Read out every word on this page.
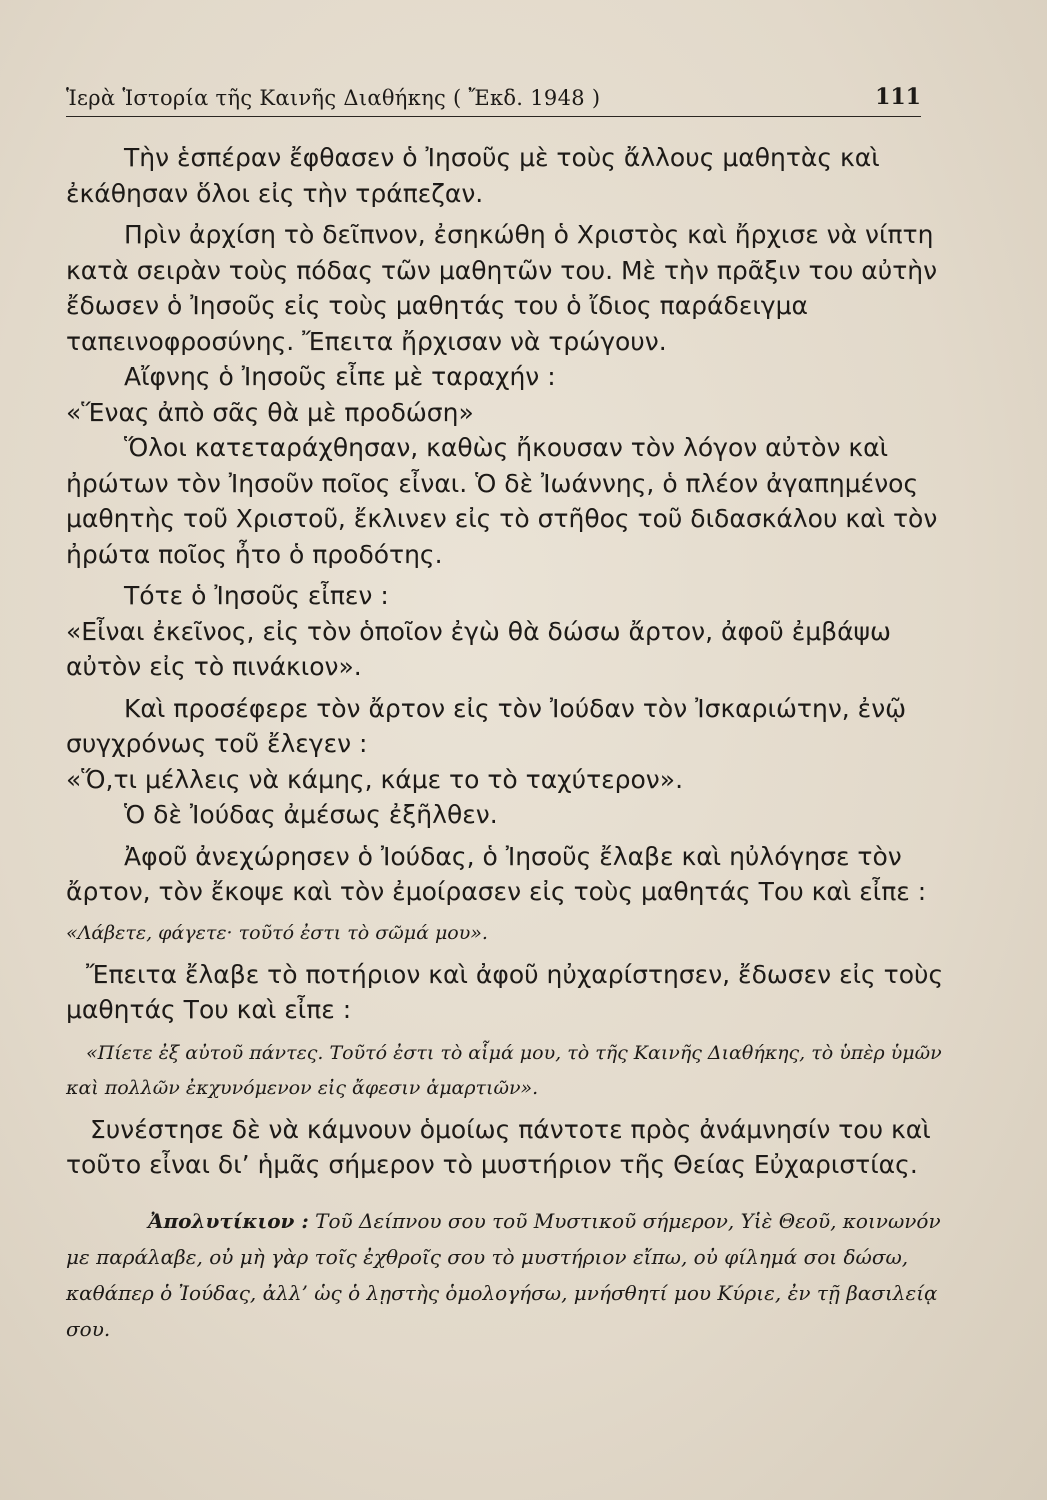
Ἱερὰ Ἱστορία τῆς Καινῆς Διαθήκης ( Ἔκδ. 1948 )	111

Τὴν ἑσπέραν ἔφθασεν ὁ Ἰησοῦς μὲ τοὺς ἄλλους μαθητὰς καὶ ἐκάθησαν ὅλοι εἰς τὴν τράπεζαν.

Πρὶν ἀρχίση τὸ δεῖπνον, ἐσηκώθη ὁ Χριστὸς καὶ ἤρχισε νὰ νίπτη κατὰ σειρὰν τοὺς πόδας τῶν μαθητῶν του. Μὲ τὴν πρᾶξιν του αὐτὴν ἔδωσεν ὁ Ἰησοῦς εἰς τοὺς μαθητάς του ὁ ἴδιος παράδειγμα ταπεινοφροσύνης. Ἔπειτα ἤρχισαν νὰ τρώγουν.

Αἴφνης ὁ Ἰησοῦς εἶπε μὲ ταραχήν :

«Ἕνας ἀπὸ σᾶς θὰ μὲ προδώση»

Ὅλοι κατεταράχθησαν, καθὼς ἤκουσαν τὸν λόγον αὐτὸν καὶ ἠρώτων τὸν Ἰησοῦν ποῖος εἶναι. Ὁ δὲ Ἰωάννης, ὁ πλέον ἀγαπημένος μαθητὴς τοῦ Χριστοῦ, ἔκλινεν εἰς τὸ στῆθος τοῦ διδασκάλου καὶ τὸν ἠρώτα ποῖος ἦτο ὁ προδότης.

Τότε ὁ Ἰησοῦς εἶπεν :

«Εἶναι ἐκεῖνος, εἰς τὸν ὁποῖον ἐγὼ θὰ δώσω ἄρτον, ἀφοῦ ἐμβάψω αὐτὸν εἰς τὸ πινάκιον».

Καὶ προσέφερε τὸν ἄρτον εἰς τὸν Ἰούδαν τὸν Ἰσκαριώτην, ἐνῷ συγχρόνως τοῦ ἔλεγεν :

«Ὅ,τι μέλλεις νὰ κάμης, κάμε το τὸ ταχύτερον».

Ὁ δὲ Ἰούδας ἀμέσως ἐξῆλθεν.

Ἀφοῦ ἀνεχώρησεν ὁ Ἰούδας, ὁ Ἰησοῦς ἔλαβε καὶ ηὐλόγησε τὸν ἄρτον, τὸν ἔκοψε καὶ τὸν ἐμοίρασεν εἰς τοὺς μαθητάς Του καὶ εἶπε :

«Λάβετε, φάγετε· τοῦτό ἐστι τὸ σῶμά μου».

Ἔπειτα ἔλαβε τὸ ποτήριον καὶ ἀφοῦ ηὐχαρίστησεν, ἔδωσεν εἰς τοὺς μαθητάς Του καὶ εἶπε :

«Πίετε ἐξ αὐτοῦ πάντες. Τοῦτό ἐστι τὸ αἷμά μου, τὸ τῆς Καινῆς Διαθήκης, τὸ ὑπὲρ ὑμῶν καὶ πολλῶν ἐκχυνόμενον εἰς ἄφεσιν ἁμαρτιῶν».

Συνέστησε δὲ νὰ κάμνουν ὁμοίως πάντοτε πρὸς ἀνάμνησίν του καὶ τοῦτο εἶναι δι’ ἡμᾶς σήμερον τὸ μυστήριον τῆς Θείας Εὐχαριστίας.

Ἀπολυτίκιον : Τοῦ Δείπνου σου τοῦ Μυστικοῦ σήμερον, Υἱὲ Θεοῦ, κοινωνόν με παράλαβε, οὐ μὴ γὰρ τοῖς ἐχθροῖς σου τὸ μυστήριον εἴπω, οὐ φίλημά σοι δώσω, καθάπερ ὁ Ἰούδας, ἀλλ’ ὡς ὁ λῃστὴς ὁμολογήσω, μνήσθητί μου Κύριε, ἐν τῇ βασιλείᾳ σου.
